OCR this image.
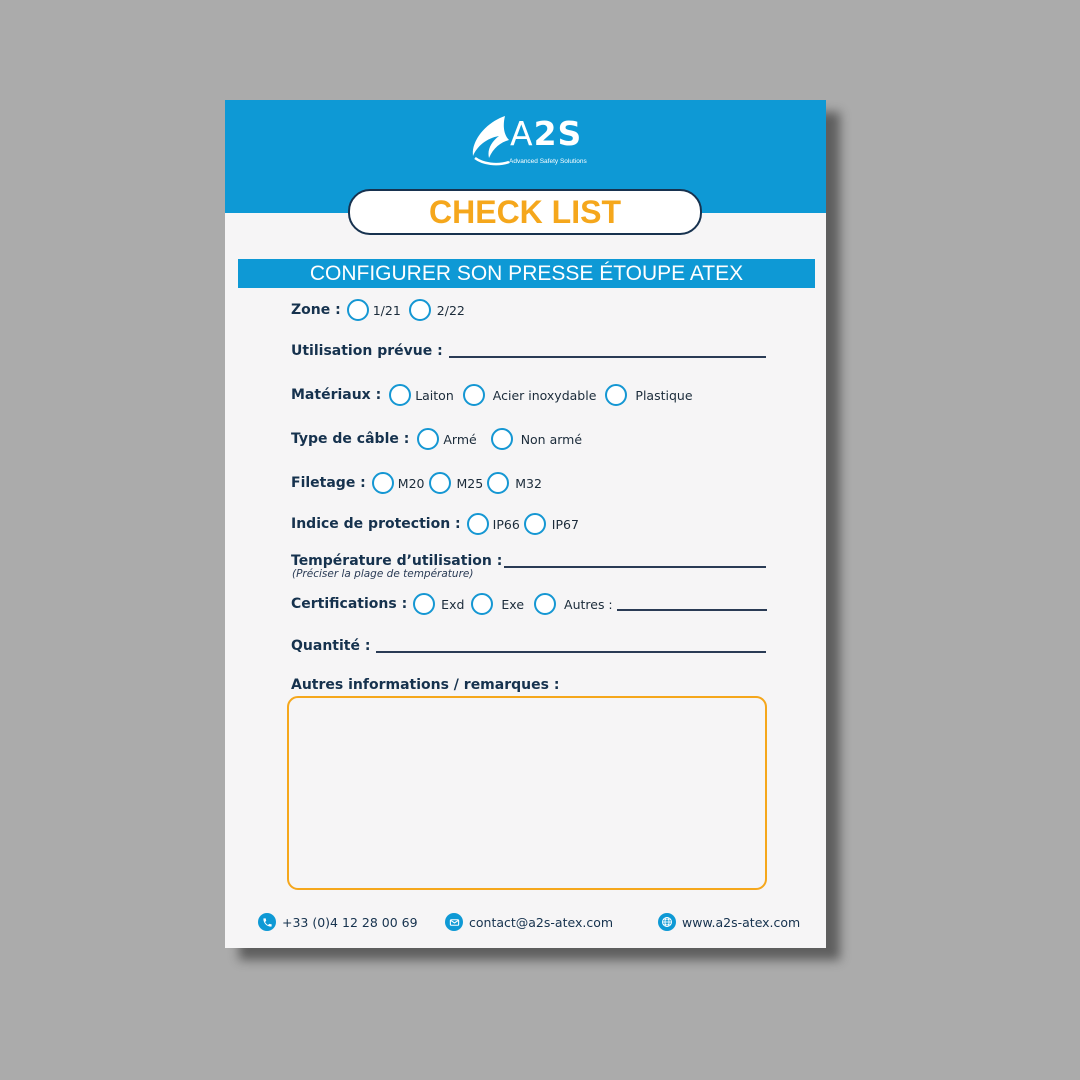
A2S
Advanced Safety Solutions
CHECK LIST
CONFIGURER SON PRESSE ÉTOUPE ATEX
Zone :	1/21	2/22
Utilisation prévue :
Matériaux :	Laiton	Acier inoxydable	Plastique
Type de câble :	Armé	Non armé
Filetage :	M20	M25	M32
Indice de protection :	IP66	IP67
Température d’utilisation :
(Préciser la plage de température)
Certifications :	Exd	Exe	Autres :
Quantité :
Autres informations / remarques :
+33 (0)4 12 28 00 69	contact@a2s-atex.com	www.a2s-atex.com
